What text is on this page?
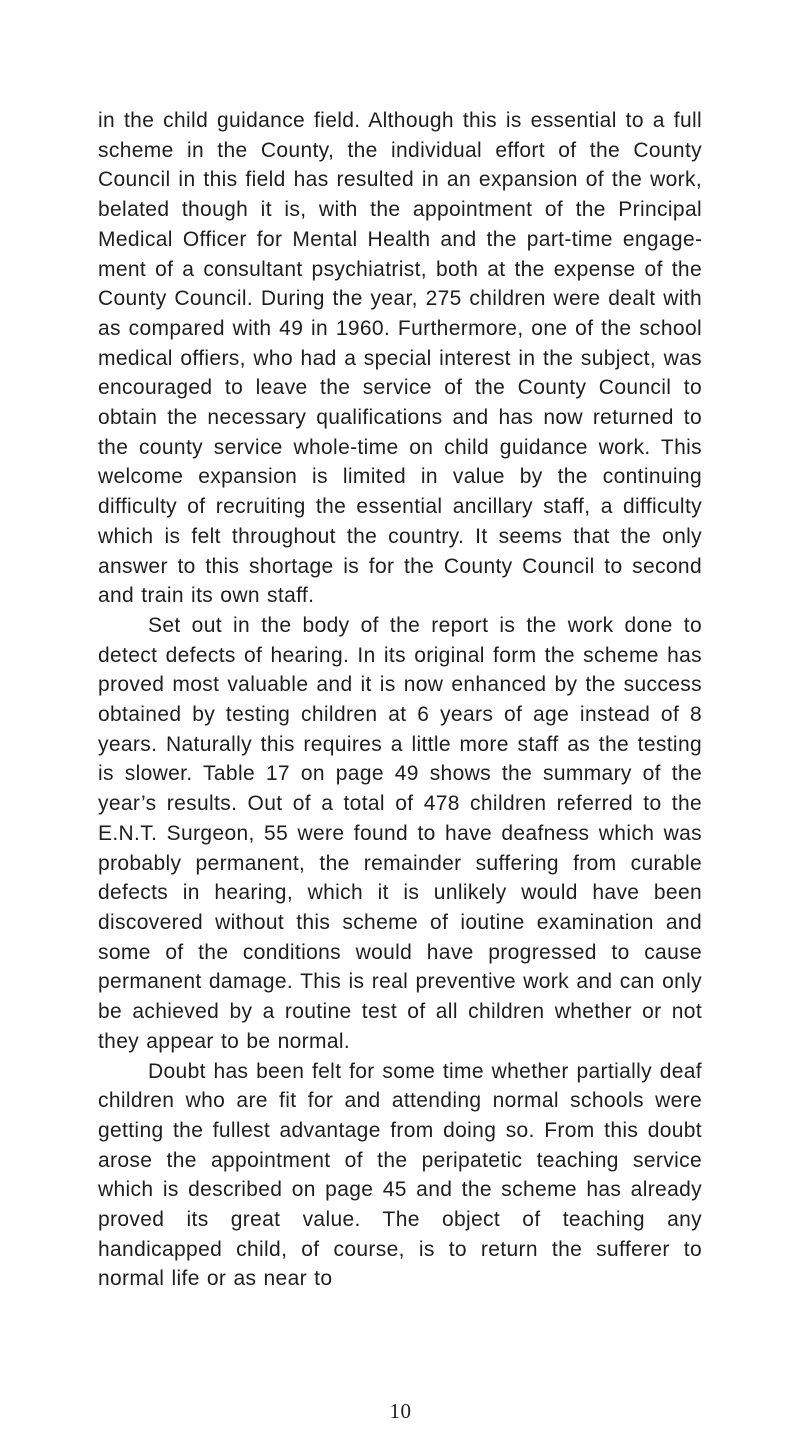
in the child guidance field. Although this is essential to a full scheme in the County, the individual effort of the County Council in this field has resulted in an expansion of the work, belated though it is, with the appointment of the Principal Medical Officer for Mental Health and the part-time engagement of a consultant psychiatrist, both at the expense of the County Council. During the year, 275 children were dealt with as compared with 49 in 1960. Furthermore, one of the school medical offiers, who had a special interest in the subject, was encouraged to leave the service of the County Council to obtain the necessary qualifications and has now returned to the county service whole-time on child guidance work. This welcome expansion is limited in value by the continuing difficulty of recruiting the essential ancillary staff, a difficulty which is felt throughout the country. It seems that the only answer to this shortage is for the County Council to second and train its own staff.

Set out in the body of the report is the work done to detect defects of hearing. In its original form the scheme has proved most valuable and it is now enhanced by the success obtained by testing children at 6 years of age instead of 8 years. Naturally this requires a little more staff as the testing is slower. Table 17 on page 49 shows the summary of the year’s results. Out of a total of 478 children referred to the E.N.T. Surgeon, 55 were found to have deafness which was probably permanent, the remainder suffering from curable defects in hearing, which it is unlikely would have been discovered without this scheme of ioutine examination and some of the conditions would have progressed to cause permanent damage. This is real preventive work and can only be achieved by a routine test of all children whether or not they appear to be normal.

Doubt has been felt for some time whether partially deaf children who are fit for and attending normal schools were getting the fullest advantage from doing so. From this doubt arose the appointment of the peripatetic teaching service which is described on page 45 and the scheme has already proved its great value. The object of teaching any handicapped child, of course, is to return the sufferer to normal life or as near to

10
